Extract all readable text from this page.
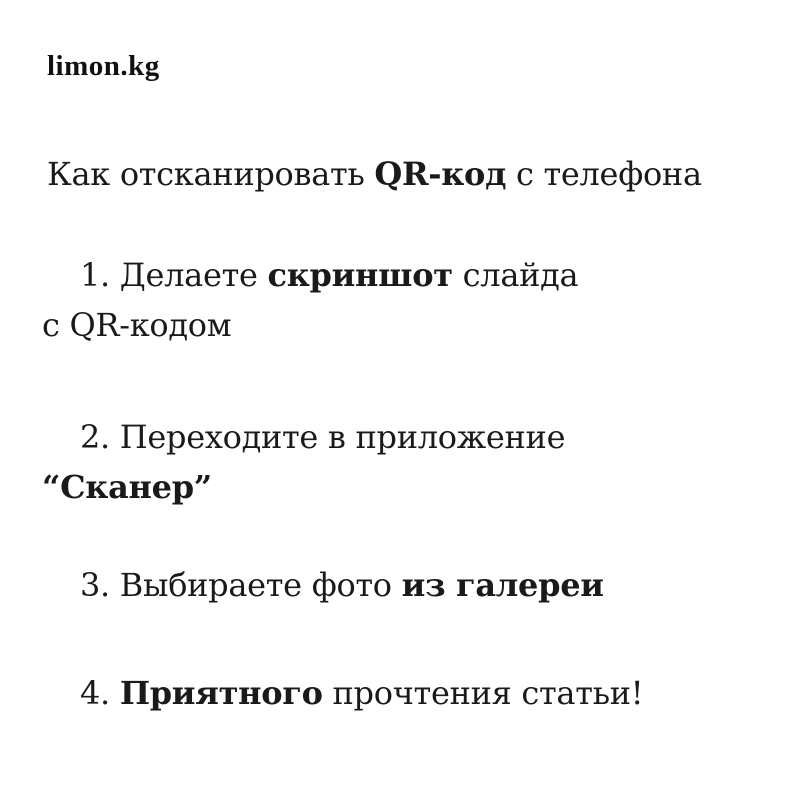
limon.kg
Как отсканировать QR-код с телефона
1. Делаете скриншот слайда
с QR-кодом
2. Переходите в приложение
“Сканер”
3. Выбираете фото из галереи
4. Приятного прочтения статьи!
